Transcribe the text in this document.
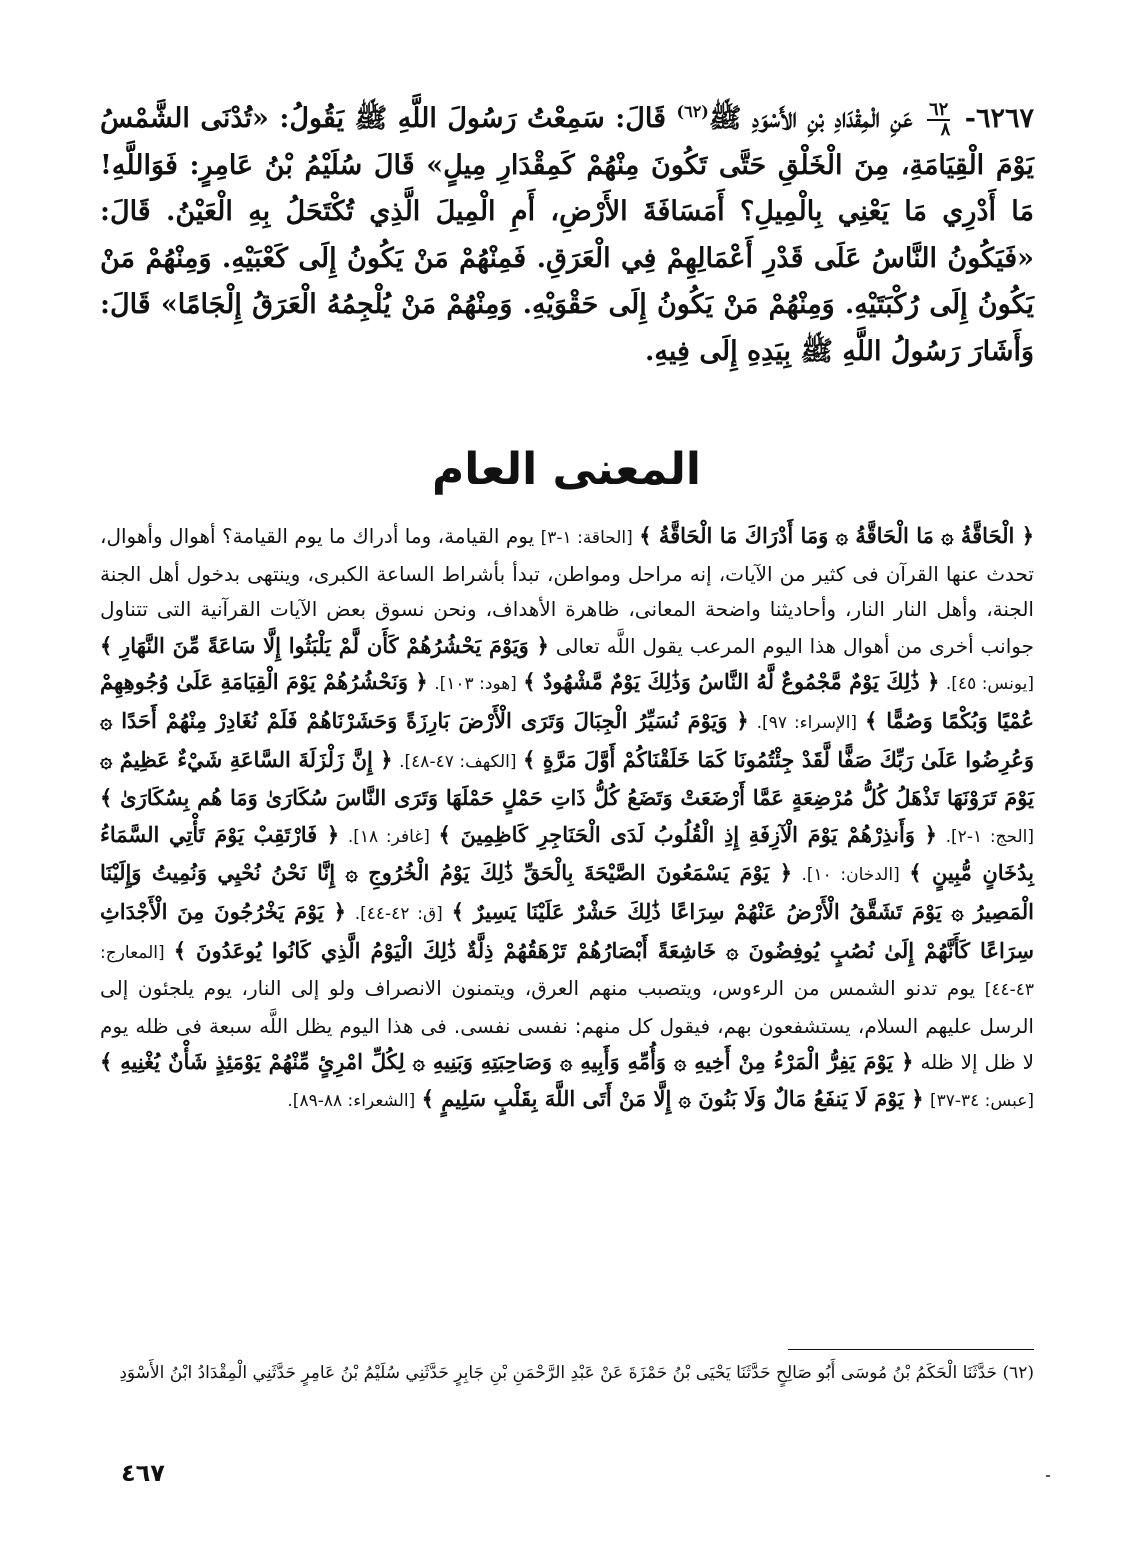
٦٢٦٧-
$\frac{٦٢}{٨}$
عَنِ الْمِقْدَادِ بْنِ الأَسْوَدِ ﷺ$^{(٦٢)}$ قَالَ: سَمِعْتُ رَسُولَ اللَّهِ ﷺ يَقُولُ: «تُدْنَى الشَّمْسُ يَوْمَ الْقِيَامَةِ، مِنَ الْخَلْقِ حَتَّى تَكُونَ مِنْهُمْ كَمِقْدَارِ مِيلٍ» قَالَ سُلَيْمُ بْنُ عَامِرٍ: فَوَاللَّهِ! مَا أَدْرِي مَا يَعْنِي بِالْمِيلِ؟ أَمَسَافَةَ الأَرْضِ، أَمِ الْمِيلَ الَّذِي تُكْتَحَلُ بِهِ الْعَيْنُ. قَالَ: «فَيَكُونُ النَّاسُ عَلَى قَدْرِ أَعْمَالِهِمْ فِي الْعَرَقِ. فَمِنْهُمْ مَنْ يَكُونُ إِلَى كَعْبَيْهِ. وَمِنْهُمْ مَنْ يَكُونُ إِلَى رُكْبَتَيْهِ. وَمِنْهُمْ مَنْ يَكُونُ إِلَى حَقْوَيْهِ. وَمِنْهُمْ مَنْ يُلْجِمُهُ الْعَرَقُ إِلْجَامًا» قَالَ: وَأَشَارَ رَسُولُ اللَّهِ ﷺ بِيَدِهِ إِلَى فِيهِ.
المعنى العام
﴿ الْحَاقَّةُ ۞ مَا الْحَاقَّةُ ۞ وَمَا أَدْرَاكَ مَا الْحَاقَّةُ ﴾ [الحاقة: ١-٣] يوم القيامة، وما أدراك ما يوم القيامة؟ أهوال وأهوال، تحدث عنها القرآن فى كثير من الآيات، إنه مراحل ومواطن، تبدأ بأشراط الساعة الكبرى، وينتهى بدخول أهل الجنة الجنة، وأهل النار النار، وأحاديثنا واضحة المعانى، ظاهرة الأهداف، ونحن نسوق بعض الآيات القرآنية التى تتناول جوانب أخرى من أهوال هذا اليوم المرعب يقول اللَّه تعالى ﴿ وَيَوْمَ يَحْشُرُهُمْ كَأَن لَّمْ يَلْبَثُوا إِلَّا سَاعَةً مِّنَ النَّهَارِ ﴾ [يونس: ٤٥]. ﴿ ذَٰلِكَ يَوْمٌ مَّجْمُوعٌ لَّهُ النَّاسُ وَذَٰلِكَ يَوْمٌ مَّشْهُودٌ ﴾ [هود: ١٠٣]. ﴿ وَنَحْشُرُهُمْ يَوْمَ الْقِيَامَةِ عَلَىٰ وُجُوهِهِمْ عُمْيًا وَبُكْمًا وَصُمًّا ﴾ [الإسراء: ٩٧]. ﴿ وَيَوْمَ نُسَيِّرُ الْجِبَالَ وَتَرَى الْأَرْضَ بَارِزَةً وَحَشَرْنَاهُمْ فَلَمْ نُغَادِرْ مِنْهُمْ أَحَدًا ۞ وَعُرِضُوا عَلَىٰ رَبِّكَ صَفًّا لَّقَدْ جِئْتُمُونَا كَمَا خَلَقْنَاكُمْ أَوَّلَ مَرَّةٍ ﴾ [الكهف: ٤٧-٤٨]. ﴿ إِنَّ زَلْزَلَةَ السَّاعَةِ شَيْءٌ عَظِيمٌ ۞ يَوْمَ تَرَوْنَهَا تَذْهَلُ كُلُّ مُرْضِعَةٍ عَمَّا أَرْضَعَتْ وَتَضَعُ كُلُّ ذَاتِ حَمْلٍ حَمْلَهَا وَتَرَى النَّاسَ سُكَارَىٰ وَمَا هُم بِسُكَارَىٰ ﴾ [الحج: ١-٢]. ﴿ وَأَنذِرْهُمْ يَوْمَ الْآزِفَةِ إِذِ الْقُلُوبُ لَدَى الْحَنَاجِرِ كَاظِمِينَ ﴾ [غافر: ١٨]. ﴿ فَارْتَقِبْ يَوْمَ تَأْتِي السَّمَاءُ بِدُخَانٍ مُّبِينٍ ﴾ [الدخان: ١٠]. ﴿ يَوْمَ يَسْمَعُونَ الصَّيْحَةَ بِالْحَقِّ ذَٰلِكَ يَوْمُ الْخُرُوجِ ۞ إِنَّا نَحْنُ نُحْيِي وَنُمِيتُ وَإِلَيْنَا الْمَصِيرُ ۞ يَوْمَ تَشَقَّقُ الْأَرْضُ عَنْهُمْ سِرَاعًا ذَٰلِكَ حَشْرٌ عَلَيْنَا يَسِيرٌ ﴾ [ق: ٤٢-٤٤]. ﴿ يَوْمَ يَخْرُجُونَ مِنَ الْأَجْدَاثِ سِرَاعًا كَأَنَّهُمْ إِلَىٰ نُصُبٍ يُوفِضُونَ ۞ خَاشِعَةً أَبْصَارُهُمْ تَرْهَقُهُمْ ذِلَّةٌ ذَٰلِكَ الْيَوْمُ الَّذِي كَانُوا يُوعَدُونَ ﴾ [المعارج: ٤٣-٤٤] يوم تدنو الشمس من الرءوس، ويتصبب منهم العرق، ويتمنون الانصراف ولو إلى النار، يوم يلجئون إلى الرسل عليهم السلام، يستشفعون بهم، فيقول كل منهم: نفسى نفسى. فى هذا اليوم يظل اللَّه سبعة فى ظله يوم لا ظل إلا ظله ﴿ يَوْمَ يَفِرُّ الْمَرْءُ مِنْ أَخِيهِ ۞ وَأُمِّهِ وَأَبِيهِ ۞ وَصَاحِبَتِهِ وَبَنِيهِ ۞ لِكُلِّ امْرِئٍ مِّنْهُمْ يَوْمَئِذٍ شَأْنٌ يُغْنِيهِ ﴾ [عبس: ٣٤-٣٧] ﴿ يَوْمَ لَا يَنفَعُ مَالٌ وَلَا بَنُونَ ۞ إِلَّا مَنْ أَتَى اللَّهَ بِقَلْبٍ سَلِيمٍ ﴾ [الشعراء: ٨٨-٨٩].
(٦٢) حَدَّثَنَا الْحَكَمُ بْنُ مُوسَى أَبُو صَالِحٍ حَدَّثَنَا يَحْيَى بْنُ حَمْزَةَ عَنْ عَبْدِ الرَّحْمَنِ بْنِ جَابِرٍ حَدَّثَنِي سُلَيْمُ بْنُ عَامِرٍ حَدَّثَنِي الْمِقْدَادُ ابْنُ الأَسْوَدِ
٤٦٧
